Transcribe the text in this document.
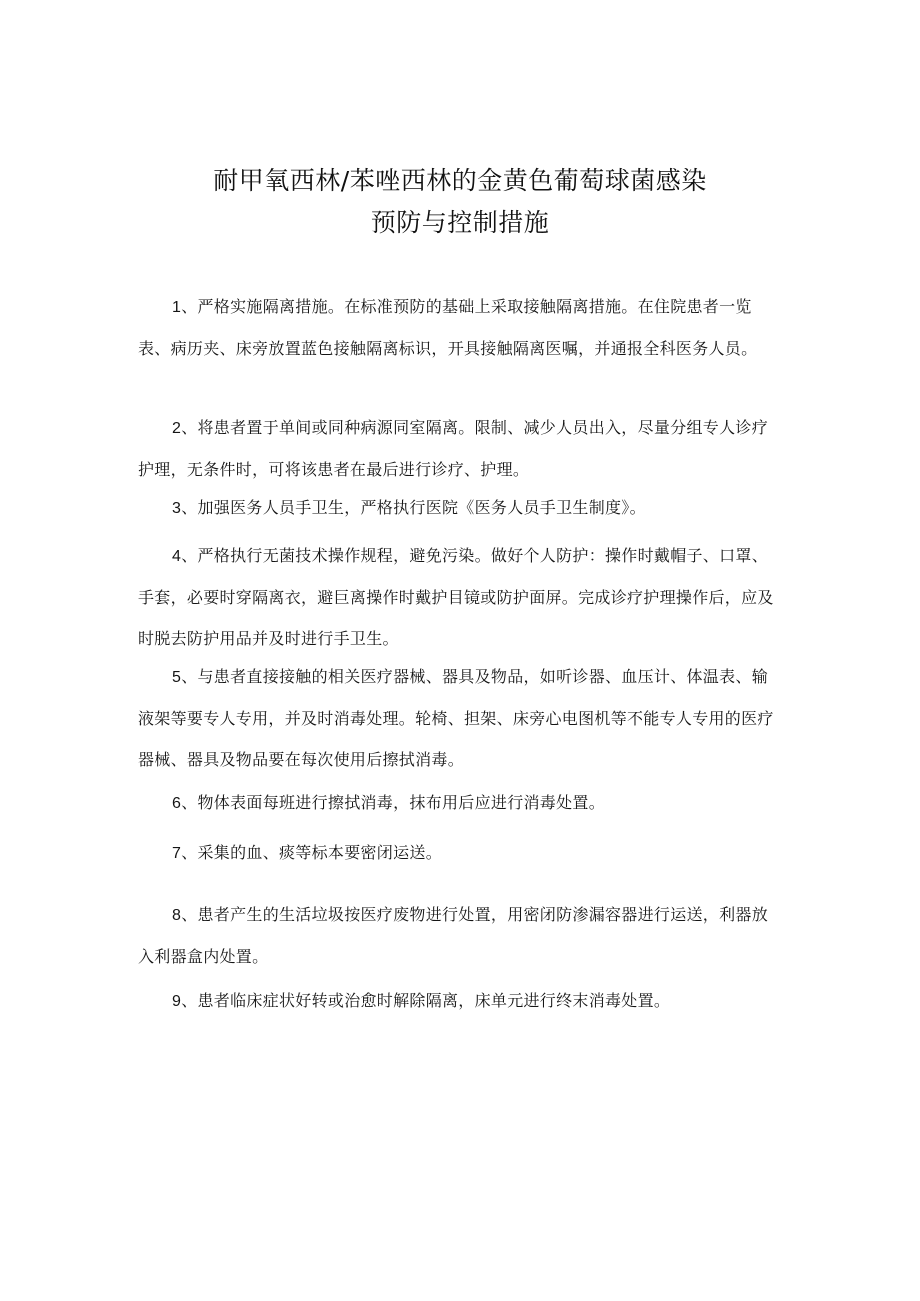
耐甲氧西林/苯唑西林的金黄色葡萄球菌感染
预防与控制措施

1、严格实施隔离措施。在标准预防的基础上采取接触隔离措施。在住院患者一览表、病历夹、床旁放置蓝色接触隔离标识，开具接触隔离医嘱，并通报全科医务人员。

2、将患者置于单间或同种病源同室隔离。限制、减少人员出入，尽量分组专人诊疗护理，无条件时，可将该患者在最后进行诊疗、护理。

3、加强医务人员手卫生，严格执行医院《医务人员手卫生制度》。

4、严格执行无菌技术操作规程，避免污染。做好个人防护：操作时戴帽子、口罩、手套，必要时穿隔离衣，避巨离操作时戴护目镜或防护面屏。完成诊疗护理操作后，应及时脱去防护用品并及时进行手卫生。

5、与患者直接接触的相关医疗器械、器具及物品，如听诊器、血压计、体温表、输液架等要专人专用，并及时消毒处理。轮椅、担架、床旁心电图机等不能专人专用的医疗器械、器具及物品要在每次使用后擦拭消毒。

6、物体表面每班进行擦拭消毒，抹布用后应进行消毒处置。

7、采集的血、痰等标本要密闭运送。

8、患者产生的生活垃圾按医疗废物进行处置，用密闭防渗漏容器进行运送，利器放入利器盒内处置。

9、患者临床症状好转或治愈时解除隔离，床单元进行终末消毒处置。
